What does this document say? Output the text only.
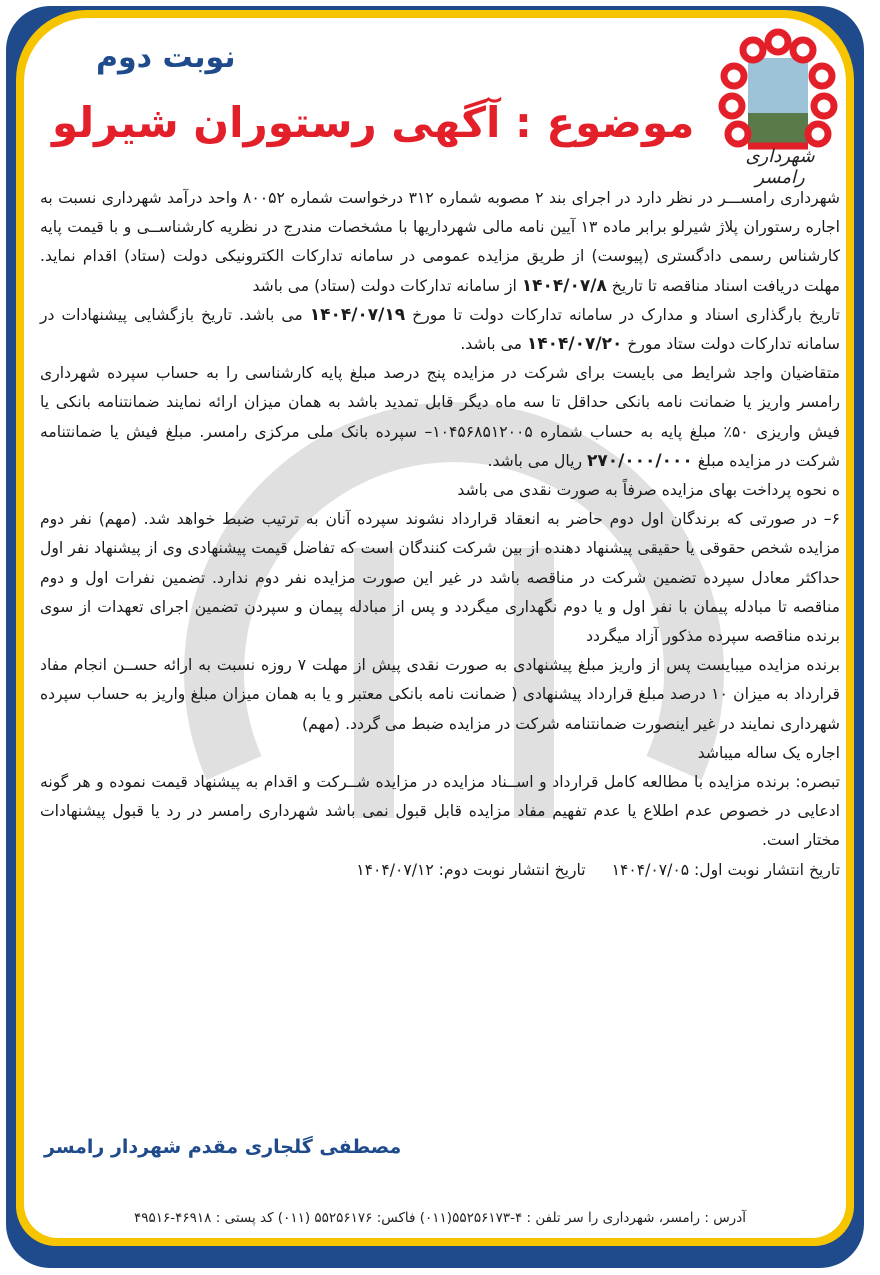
شهرداری رامسر
نوبت دوم
موضوع : آگهی رستوران شیرلو

شهرداری رامســـر در نظر دارد در اجرای بند ۲ مصوبه شماره ۳۱۲ درخواست شماره ۸۰۰۵۲ واحد درآمد شهرداری نسبت به اجاره رستوران پلاژ شیرلو برابر ماده ۱۳ آیین نامه مالی شهرداریها با مشخصات مندرج در نظریه کارشناســی و با قیمت پایه کارشناس رسمی دادگستری (پیوست) از طریق مزایده عمومی در سامانه تدارکات الکترونیکی دولت (ستاد) اقدام نماید. مهلت دریافت اسناد مناقصه تا تاریخ ۱۴۰۴/۰۷/۸ از سامانه تدارکات دولت (ستاد) می باشد

تاریخ بارگذاری اسناد و مدارک در سامانه تدارکات دولت تا مورخ ۱۴۰۴/۰۷/۱۹ می باشد. تاریخ بازگشایی پیشنهادات در سامانه تدارکات دولت ستاد مورخ ۱۴۰۴/۰۷/۲۰ می باشد.

متقاضیان واجد شرایط می بایست برای شرکت در مزایده پنج درصد مبلغ پایه کارشناسی را به حساب سپرده شهرداری رامسر واریز یا ضمانت نامه بانکی حداقل تا سه ماه دیگر قابل تمدید باشد به همان میزان ارائه نمایند ضمانتنامه بانکی یا فیش واریزی ۵۰٪ مبلغ پایه به حساب شماره ۱۰۴۵۶۸۵۱۲۰۰۵– سپرده بانک ملی مرکزی رامسر. مبلغ فیش یا ضمانتنامه شرکت در مزایده مبلغ ۲۷۰/۰۰۰/۰۰۰ ریال می باشد.

ه نحوه پرداخت بهای مزایده صرفاً به صورت نقدی می باشد

۶– در صورتی که برندگان اول دوم حاضر به انعقاد قرارداد نشوند سپرده آنان به ترتیب ضبط خواهد شد. (مهم) نفر دوم مزایده شخص حقوقی یا حقیقی پیشنهاد دهنده از بین شرکت کنندگان است که تفاضل قیمت پیشنهادی وی از پیشنهاد نفر اول حداکثر معادل سپرده تضمین شرکت در مناقصه باشد در غیر این صورت مزایده نفر دوم ندارد. تضمین نفرات اول و دوم مناقصه تا مبادله پیمان با نفر اول و یا دوم نگهداری میگردد و پس از مبادله پیمان و سپردن تضمین اجرای تعهدات از سوی برنده مناقصه سپرده مذکور آزاد میگردد

برنده مزایده میبایست پس از واریز مبلغ پیشنهادی به صورت نقدی پیش از مهلت ۷ روزه نسبت به ارائه حســن انجام مفاد قرارداد به میزان ۱۰ درصد مبلغ قرارداد پیشنهادی ( ضمانت نامه بانکی معتبر و یا به همان میزان مبلغ واریز به حساب سپرده شهرداری نمایند در غیر اینصورت ضمانتنامه شرکت در مزایده ضبط می گردد. (مهم)

اجاره یک ساله میباشد

تبصره: برنده مزایده با مطالعه کامل قرارداد و اســناد مزایده در مزایده شــرکت و اقدام به پیشنهاد قیمت نموده و هر گونه ادعایی در خصوص عدم اطلاع یا عدم تفهیم مفاد مزایده قابل قبول نمی باشد شهرداری رامسر در رد یا قبول پیشنهادات مختار است.

تاریخ انتشار نوبت اول: ۱۴۰۴/۰۷/۰۵تاریخ انتشار نوبت دوم: ۱۴۰۴/۰۷/۱۲
مصطفی گلجاری مقدم شهردار رامسر
آدرس : رامسر، شهرداری را سر تلفن : ۴-۵۵۲۵۶۱۷۳(۰۱۱) فاکس: ۵۵۲۵۶۱۷۶ (۰۱۱) کد پستی : ۴۶۹۱۸-۴۹۵۱۶
